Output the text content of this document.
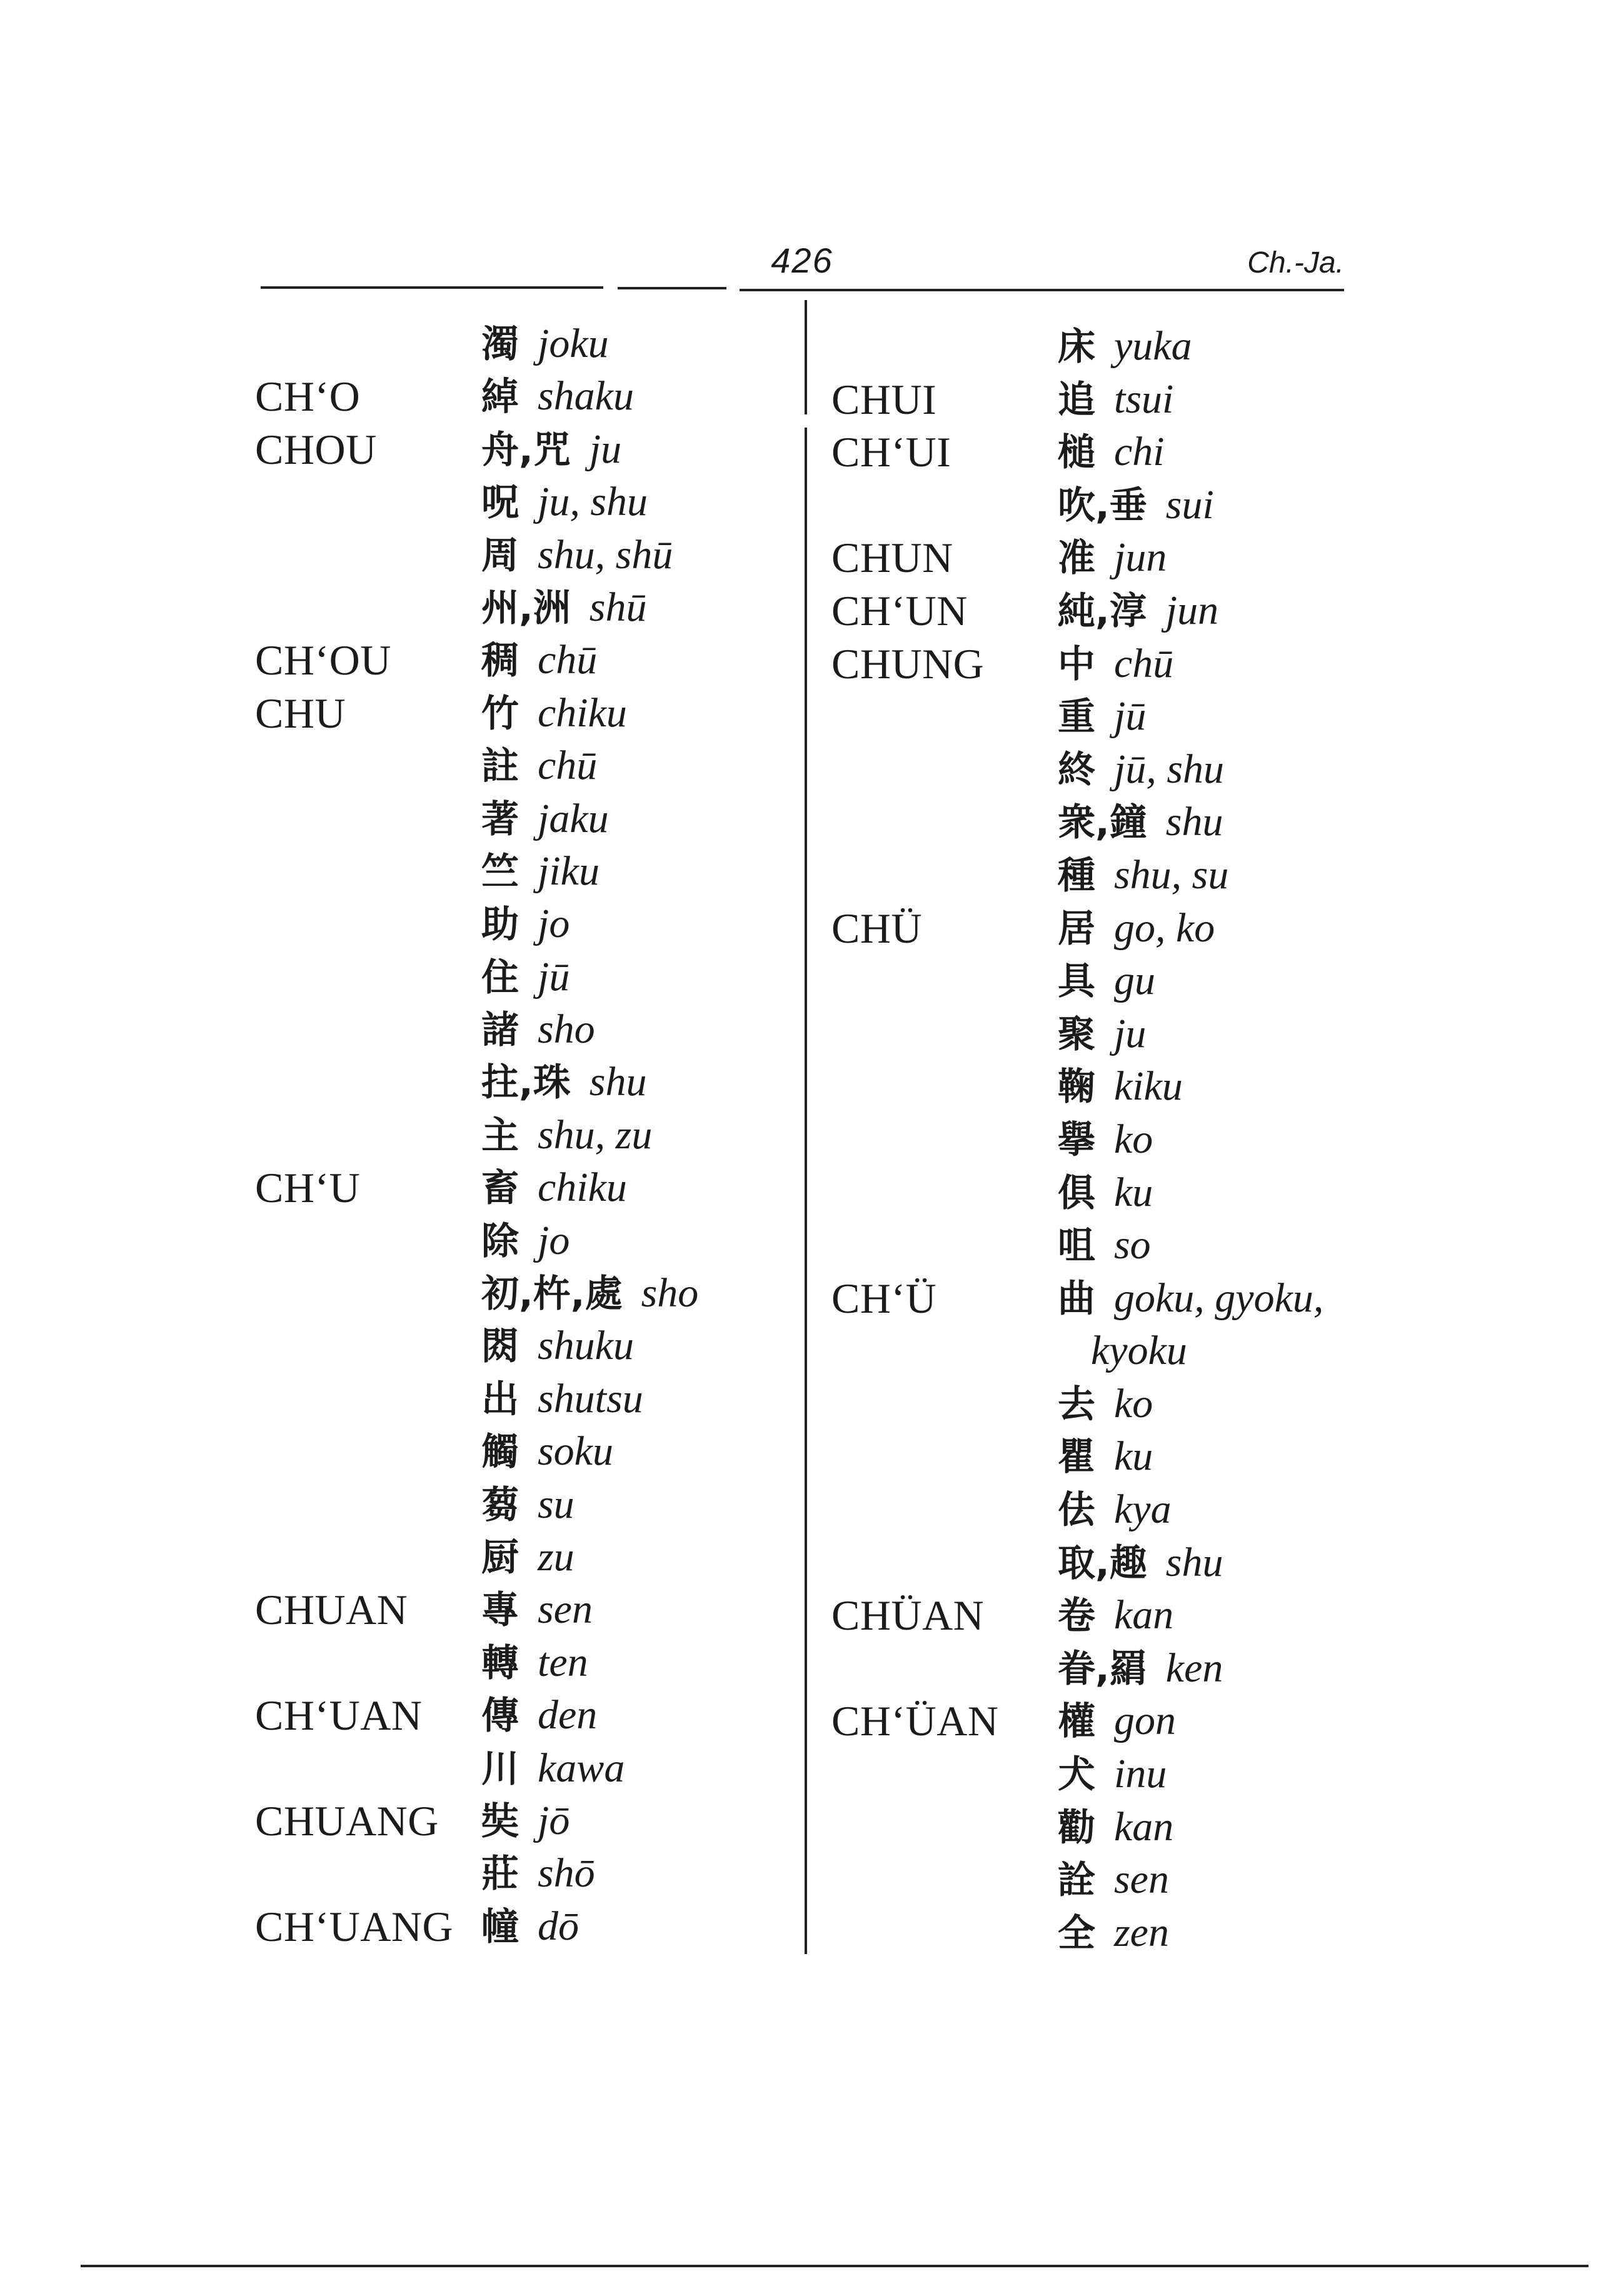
426	Ch.-Ja.
濁 joku
CH‘O	綽 shaku
CHOU	舟,咒 ju
呪 ju, shu
周 shu, shū
州,洲 shū
CH‘OU 稠 chū
CHU	竹 chiku
註 chū
著 jaku
竺 jiku
助 jo
住 jū
諸 sho
拄,珠 shu
主 shu, zu
CH‘U	畜 chiku
除 jo
初,杵,處 sho
閦 shuku
出 shutsu
觸 soku
蒭 su
厨 zu
CHUAN 專 sen
轉 ten
CH‘UAN 傳 den
川 kawa
CHUANG 奘 jō
莊 shō
CH‘UANG 幢 dō
床 yuka
CHUI	追 tsui
CH‘UI	槌 chi
吹,垂 sui
CHUN	准 jun
CH‘UN 純,淳 jun
CHUNG 中 chū
重 jū
終 jū, shu
衆,鐘 shu
種 shu, su
CHÜ	居 go, ko
具 gu
聚 ju
鞠 kiku
擧 ko
俱 ku
咀 so
CH‘Ü	曲 goku, gyoku,
kyoku
去 ko
瞿 ku
佉 kya
取,趣 shu
CHÜAN 卷 kan
眷,羂 ken
CH‘ÜAN 權 gon
犬 inu
勸 kan
詮 sen
全 zen
